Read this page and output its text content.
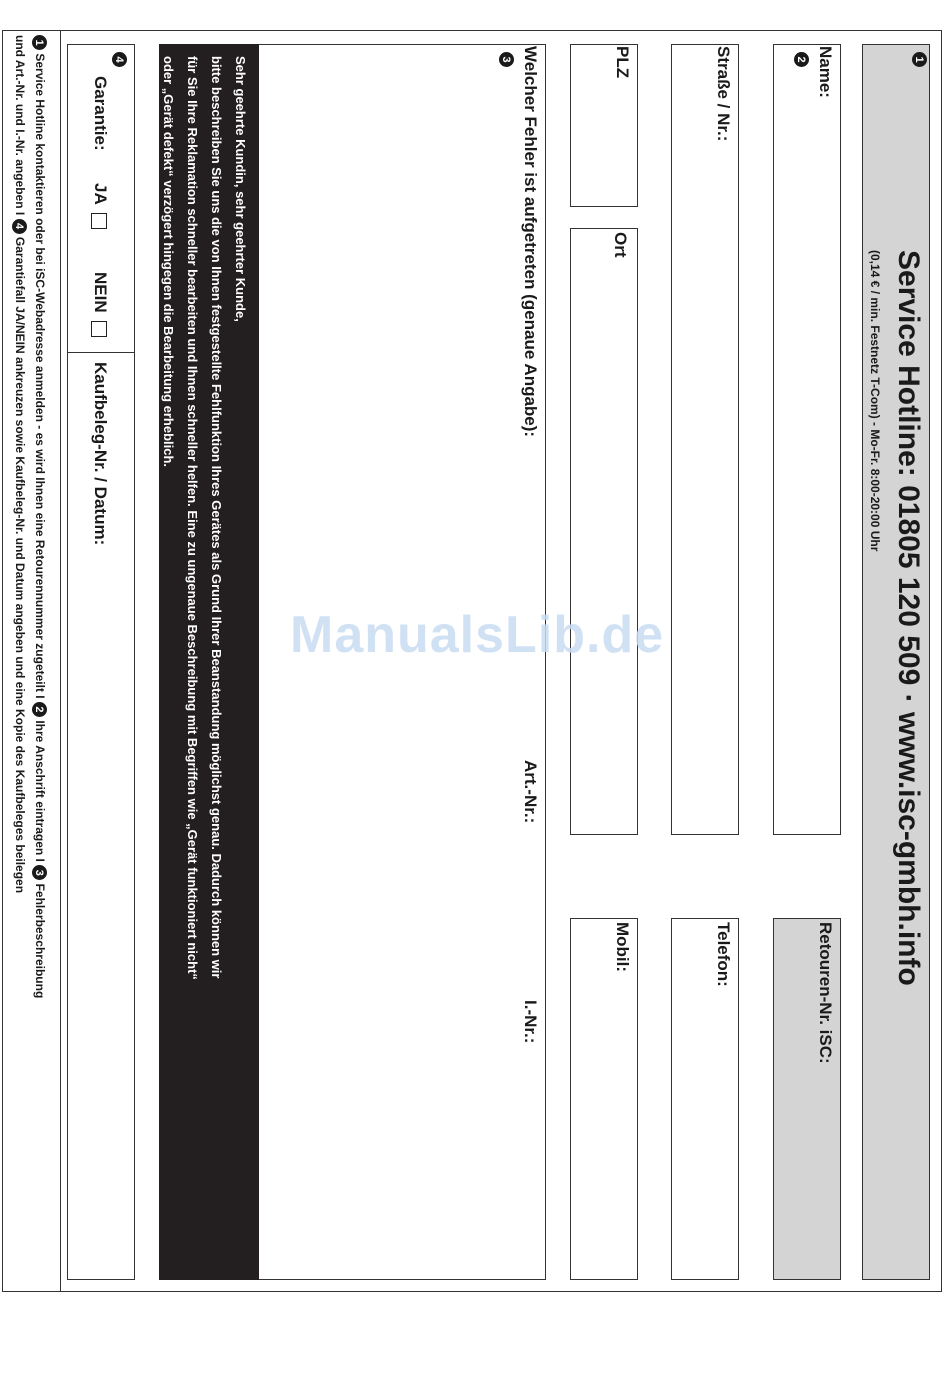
1
Service Hotline: 01805 120 509 · www.isc-gmbh.info
(0,14 € / min. Festnetz T-Com) - Mo-Fr. 8:00-20:00 Uhr
Name:
2
Retouren-Nr. iSC:
Straße / Nr.:
Telefon:
PLZ
Ort
Mobil:
Welcher Fehler ist aufgetreten (genaue Angabe):
3
Art.-Nr.:
I.-Nr.:
Sehr geehrte Kundin, sehr geehrter Kunde,
bitte beschreiben Sie uns die von Ihnen festgestellte Fehlfunktion Ihres Gerätes als Grund Ihrer Beanstandung möglichst genau. Dadurch können wir
für Sie Ihre Reklamation schneller bearbeiten und Ihnen schneller helfen. Eine zu ungenaue Beschreibung mit Begriffen wie „Gerät funktioniert nicht“
oder „Gerät defekt“ verzögert hingegen die Bearbeitung erheblich.
4
Garantie:
JA
NEIN
Kaufbeleg-Nr. / Datum:
1 Service Hotline kontaktieren oder bei iSC-Webadresse anmelden - es wird Ihnen eine Retourennummer zugeteilt I 2 Ihre Anschrift eintragen I 3 Fehlerbeschreibung
und Art.-Nr. und I.-Nr. angeben I 4 Garantiefall JA/NEIN ankreuzen sowie Kaufbeleg-Nr. und Datum angeben und eine Kopie des Kaufbeleges beilegen	ManualsLib.de
